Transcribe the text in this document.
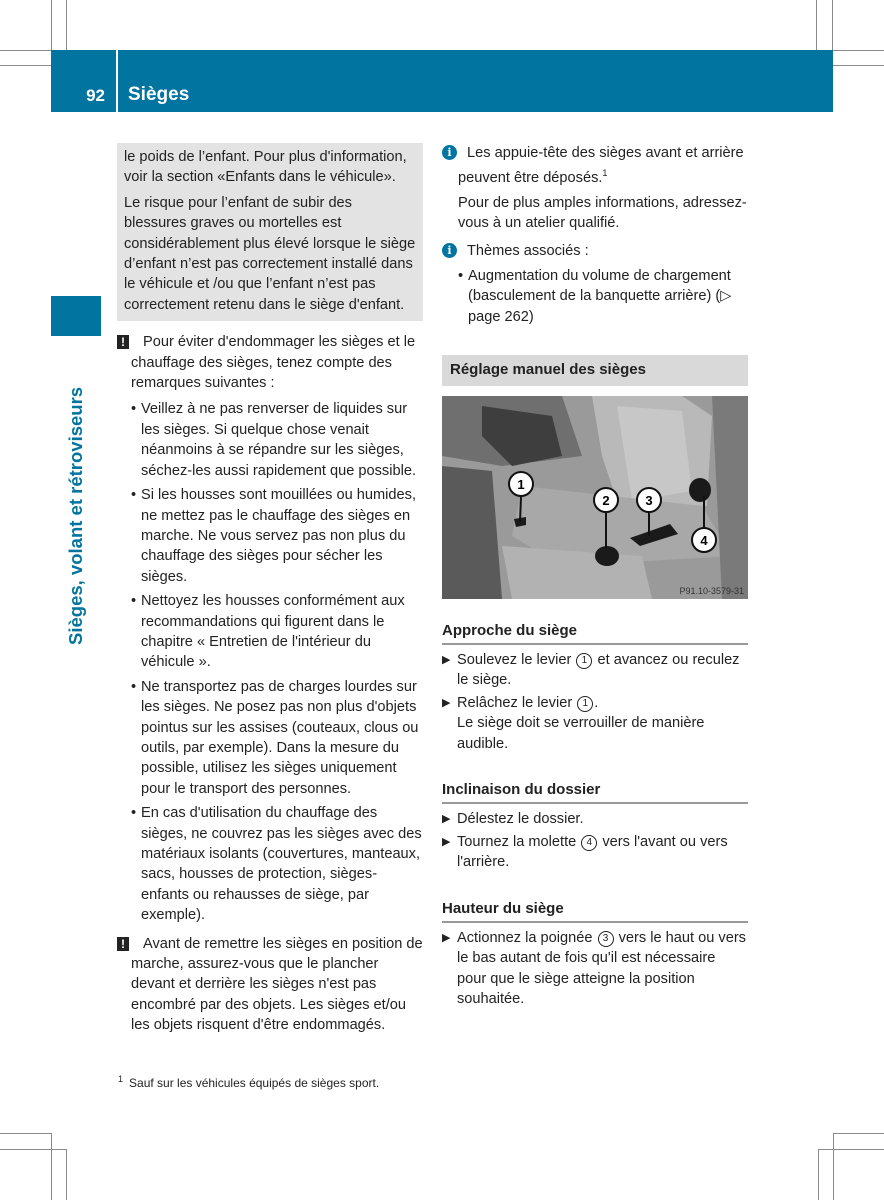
92 Sièges
Sièges, volant et rétroviseurs

le poids de l’enfant. Pour plus d'information, voir la section «Enfants dans le véhicule».

Le risque pour l’enfant de subir des blessures graves ou mortelles est considérablement plus élevé lorsque le siège d’enfant n’est pas correctement installé dans le véhicule et /ou que l’enfant n’est pas correctement retenu dans le siège d'enfant.

!	Pour éviter d'endommager les sièges et le chauffage des sièges, tenez compte des remarques suivantes :
• Veillez à ne pas renverser de liquides sur les sièges. Si quelque chose venait néanmoins à se répandre sur les sièges, séchez-les aussi rapidement que possible.
• Si les housses sont mouillées ou humides, ne mettez pas le chauffage des sièges en marche. Ne vous servez pas non plus du chauffage des sièges pour sécher les sièges.
• Nettoyez les housses conformément aux recommandations qui figurent dans le chapitre « Entretien de l'intérieur du véhicule ».
• Ne transportez pas de charges lourdes sur les sièges. Ne posez pas non plus d'objets pointus sur les assises (couteaux, clous ou outils, par exemple). Dans la mesure du possible, utilisez les sièges uniquement pour le transport des personnes.
• En cas d'utilisation du chauffage des sièges, ne couvrez pas les sièges avec des matériaux isolants (couvertures, manteaux, sacs, housses de protection, sièges-enfants ou rehausses de siège, par exemple).
!	Avant de remettre les sièges en position de marche, assurez-vous que le plancher devant et derrière les sièges n'est pas encombré par des objets. Les sièges et/ou les objets risquent d'être endommagés.
i	Les appuie-tête des sièges avant et arrière peuvent être déposés.$^1$

Pour de plus amples informations, adressez-vous à un atelier qualifié.

i	Thèmes associés :

• Augmentation du volume de chargement (basculement de la banquette arrière) (▷ page 262)
Réglage manuel des sièges
1
2	3
4
P91.10-3579-31
Approche du siège
▶ Soulevez le levier 1 et avancez ou reculez le siège.

▶ Relâchez le levier 1 .

Le siège doit se verrouiller de manière audible.

Inclinaison du dossier
▶ Délestez le dossier.

▶ Tournez la molette 4 vers l'avant ou vers l'arrière.

Hauteur du siège
▶ Actionnez la poignée 3 vers le haut ou vers le bas autant de fois qu'il est nécessaire pour que le siège atteigne la position souhaitée.

$^1$ Sauf sur les véhicules équipés de sièges sport.
